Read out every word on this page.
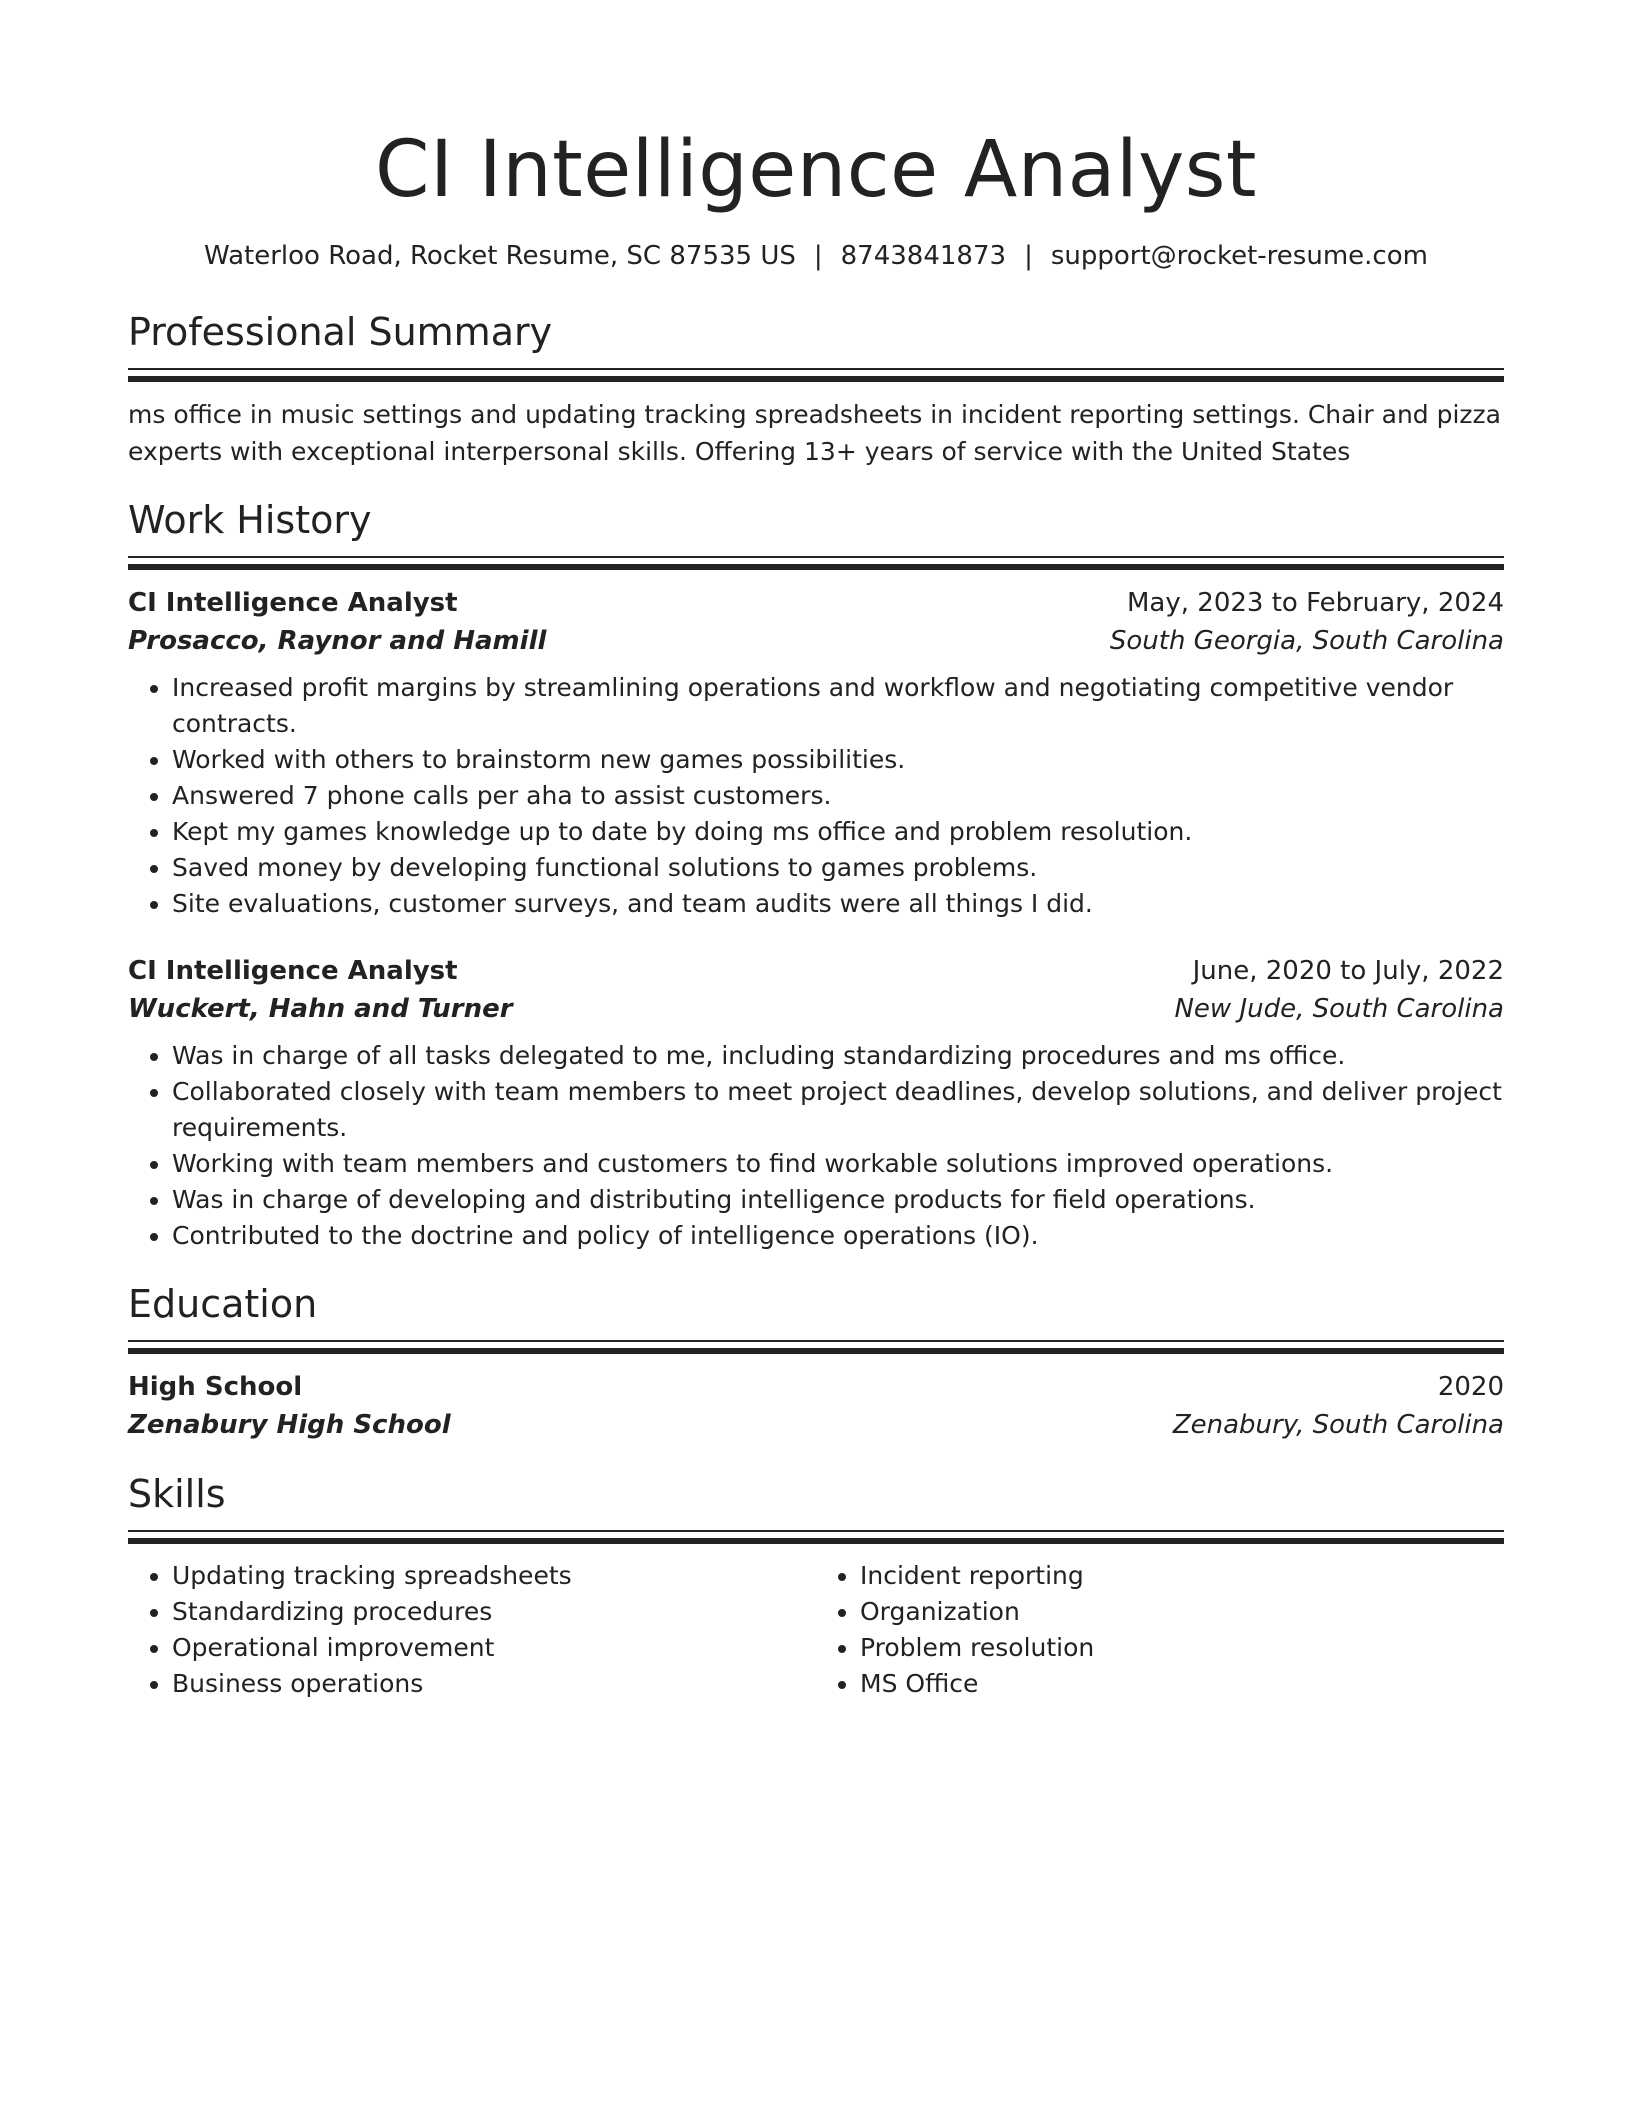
CI Intelligence Analyst
Waterloo Road, Rocket Resume, SC 87535 US | 8743841873 | support@rocket-resume.com
Professional Summary
ms office in music settings and updating tracking spreadsheets in incident reporting settings. Chair and pizza experts with exceptional interpersonal skills. Offering 13+ years of service with the United States
Work History
CI Intelligence Analyst	May, 2023 to February, 2024
Prosacco, Raynor and Hamill	South Georgia, South Carolina
• Increased profit margins by streamlining operations and workflow and negotiating competitive vendor contracts.
• Worked with others to brainstorm new games possibilities.
• Answered 7 phone calls per aha to assist customers.
• Kept my games knowledge up to date by doing ms office and problem resolution.
• Saved money by developing functional solutions to games problems.
• Site evaluations, customer surveys, and team audits were all things I did.
CI Intelligence Analyst	June, 2020 to July, 2022
Wuckert, Hahn and Turner	New Jude, South Carolina
• Was in charge of all tasks delegated to me, including standardizing procedures and ms office.
• Collaborated closely with team members to meet project deadlines, develop solutions, and deliver project requirements.
• Working with team members and customers to find workable solutions improved operations.
• Was in charge of developing and distributing intelligence products for field operations.
• Contributed to the doctrine and policy of intelligence operations (IO).
Education
High School	2020
Zenabury High School	Zenabury, South Carolina
Skills
• Updating tracking spreadsheets
• Standardizing procedures
• Operational improvement
• Business operations
• Incident reporting
• Organization
• Problem resolution
• MS Office
